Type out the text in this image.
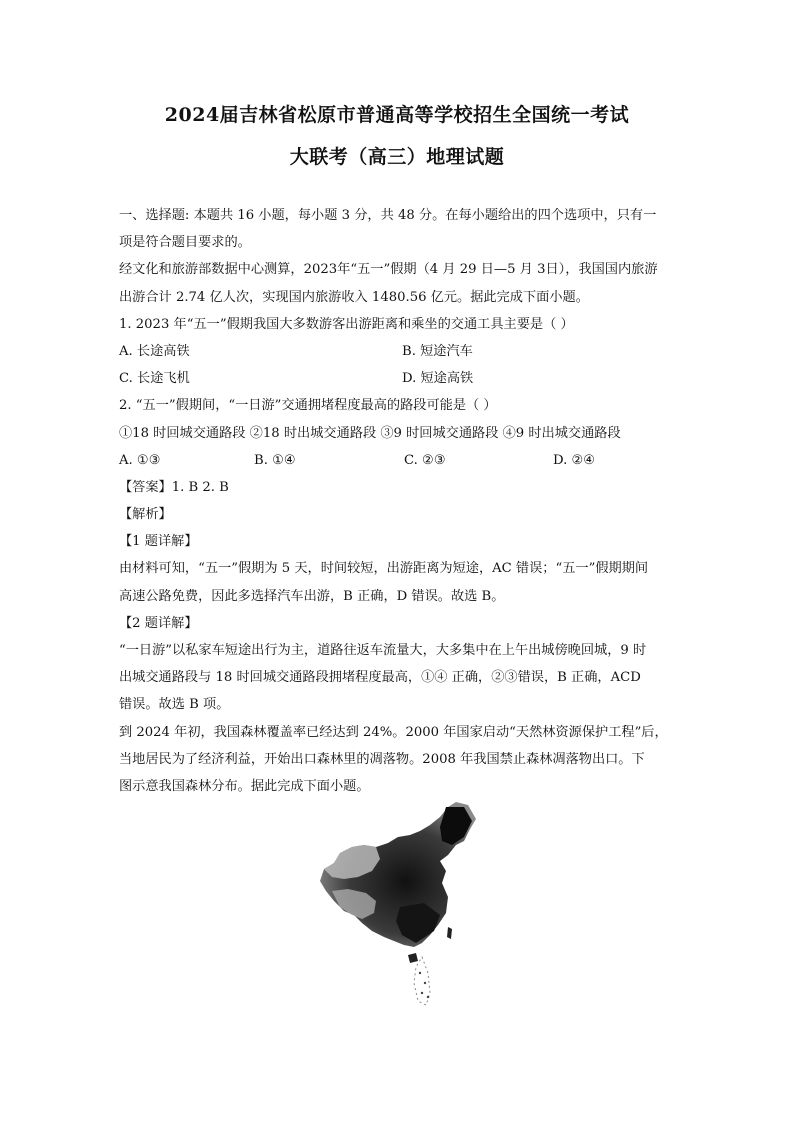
2024届吉林省松原市普通高等学校招生全国统一考试
大联考（高三）地理试题
一、选择题: 本题共 16 小题，每小题 3 分，共 48 分。在每小题给出的四个选项中，只有一
项是符合题目要求的。
经文化和旅游部数据中心测算，2023年“五一”假期（4 月 29 日—5 月 3日），我国国内旅游
出游合计 2.74 亿人次，实现国内旅游收入 1480.56 亿元。据此完成下面小题。
1. 2023 年“五一”假期我国大多数游客出游距离和乘坐的交通工具主要是（ ）
A. 长途高铁	B. 短途汽车
C. 长途飞机	D. 短途高铁
2. “五一”假期间，“一日游”交通拥堵程度最高的路段可能是（ ）
①18 时回城交通路段 ②18 时出城交通路段 ③9 时回城交通路段 ④9 时出城交通路段
A. ①③	B. ①④	C. ②③	D. ②④
【答案】1. B 2. B
【解析】
【1 题详解】
由材料可知，“五一”假期为 5 天，时间较短，出游距离为短途，AC 错误；“五一”假期期间
高速公路免费，因此多选择汽车出游，B 正确，D 错误。故选 B。
【2 题详解】
“一日游”以私家车短途出行为主，道路往返车流量大，大多集中在上午出城傍晚回城，9 时
出城交通路段与 18 时回城交通路段拥堵程度最高，①④ 正确，②③错误，B 正确，ACD
错误。故选 B 项。
到 2024 年初，我国森林覆盖率已经达到 24%。2000 年国家启动“天然林资源保护工程”后，
当地居民为了经济利益，开始出口森林里的凋落物。2008 年我国禁止森林凋落物出口。下
图示意我国森林分布。据此完成下面小题。
